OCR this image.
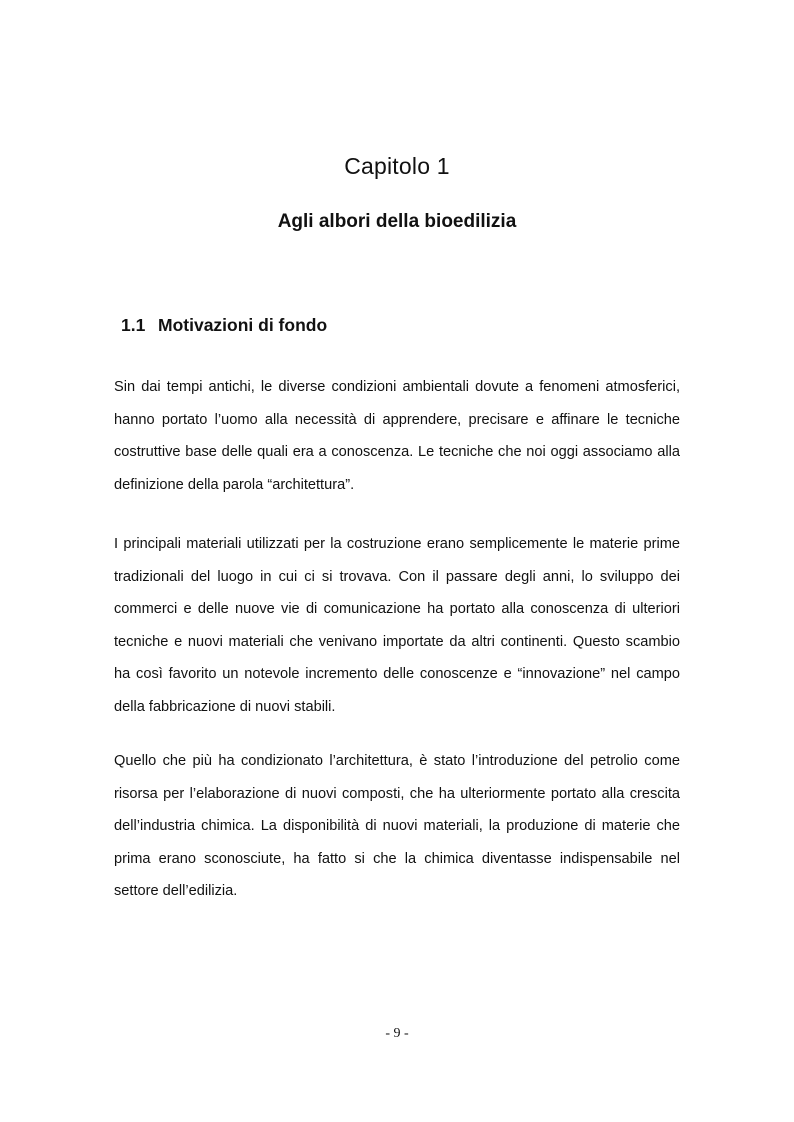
Capitolo 1
Agli albori della bioedilizia
1.1 Motivazioni di fondo

Sin dai tempi antichi, le diverse condizioni ambientali dovute a fenomeni atmosferici, hanno portato l’uomo alla necessità di apprendere, precisare e affinare le tecniche costruttive base delle quali era a conoscenza. Le tecniche che noi oggi associamo alla definizione della parola “architettura”.

I principali materiali utilizzati per la costruzione erano semplicemente le materie prime tradizionali del luogo in cui ci si trovava. Con il passare degli anni, lo sviluppo dei commerci e delle nuove vie di comunicazione ha portato alla conoscenza di ulteriori tecniche e nuovi materiali che venivano importate da altri continenti. Questo scambio ha così favorito un notevole incremento delle conoscenze e “innovazione” nel campo della fabbricazione di nuovi stabili.

Quello che più ha condizionato l’architettura, è stato l’introduzione del petrolio come risorsa per l’elaborazione di nuovi composti, che ha ulteriormente portato alla crescita dell’industria chimica. La disponibilità di nuovi materiali, la produzione di materie che prima erano sconosciute, ha fatto si che la chimica diventasse indispensabile nel settore dell’edilizia.

- 9 -
